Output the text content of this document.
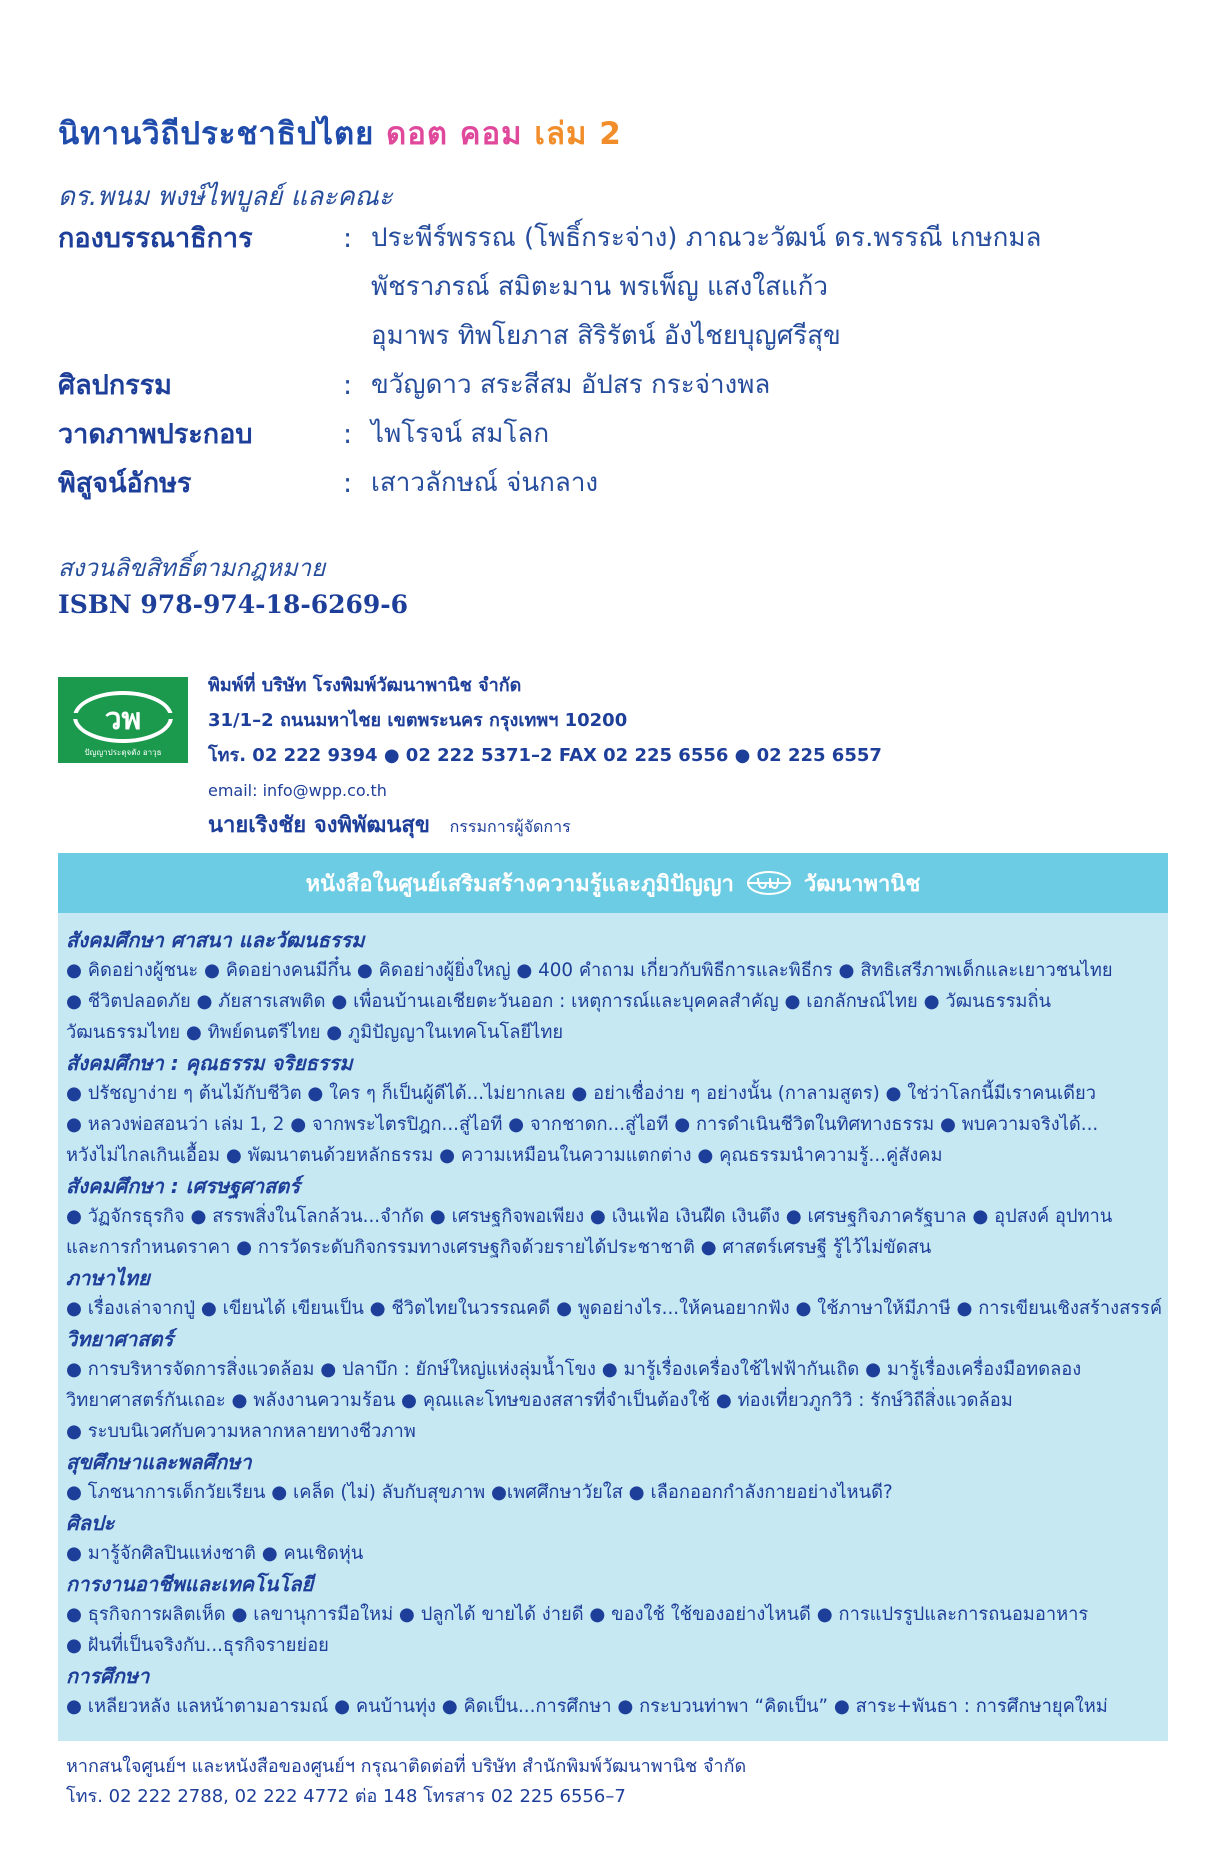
นิทานวิถีประชาธิปไตย ดอต คอม เล่ม 2
ดร.พนม พงษ์ไพบูลย์ และคณะ
กองบรรณาธิการ	: ประพีร์พรรณ (โพธิ์กระจ่าง) ภาณวะวัฒน์ ดร.พรรณี เกษกมล
พัชราภรณ์ สมิตะมาน พรเพ็ญ แสงใสแก้ว
อุมาพร ทิพโยภาส สิริรัตน์ อังไชยบุญศรีสุข
ศิลปกรรม	: ขวัญดาว สระสีสม อัปสร กระจ่างพล
วาดภาพประกอบ	: ไพโรจน์ สมโลก
พิสูจน์อักษร	: เสาวลักษณ์ จ่นกลาง
สงวนลิขสิทธิ์ตามกฎหมาย
ISBN 978-974-18-6269-6
วพ
ปัญญาประดุจดัง อาวุธ
พิมพ์ที่ บริษัท โรงพิมพ์วัฒนาพานิช จำกัด
31/1–2 ถนนมหาไชย เขตพระนคร กรุงเทพฯ 10200
โทร. 02 222 9394 ● 02 222 5371–2 FAX 02 225 6556 ● 02 225 6557
email: info@wpp.co.th
นายเริงชัย จงพิพัฒนสุข กรรมการผู้จัดการ
หนังสือในศูนย์เสริมสร้างความรู้และภูมิปัญญา	วัฒนาพานิช
สังคมศึกษา ศาสนา และวัฒนธรรม
● คิดอย่างผู้ชนะ ● คิดอย่างคนมีกึ๋น ● คิดอย่างผู้ยิ่งใหญ่ ● 400 คำถาม เกี่ยวกับพิธีการและพิธีกร ● สิทธิเสรีภาพเด็กและเยาวชนไทย
● ชีวิตปลอดภัย ● ภัยสารเสพติด ● เพื่อนบ้านเอเชียตะวันออก : เหตุการณ์และบุคคลสำคัญ ● เอกลักษณ์ไทย ● วัฒนธรรมถิ่น
วัฒนธรรมไทย ● ทิพย์ดนตรีไทย ● ภูมิปัญญาในเทคโนโลยีไทย
สังคมศึกษา : คุณธรรม จริยธรรม
● ปรัชญาง่าย ๆ ต้นไม้กับชีวิต ● ใคร ๆ ก็เป็นผู้ดีได้...ไม่ยากเลย ● อย่าเชื่อง่าย ๆ อย่างนั้น (กาลามสูตร) ● ใช่ว่าโลกนี้มีเราคนเดียว
● หลวงพ่อสอนว่า เล่ม 1, 2 ● จากพระไตรปิฎก...สู่ไอที ● จากชาดก...สู่ไอที ● การดำเนินชีวิตในทิศทางธรรม ● พบความจริงได้...
หวังไม่ไกลเกินเอื้อม ● พัฒนาตนด้วยหลักธรรม ● ความเหมือนในความแตกต่าง ● คุณธรรมนำความรู้...คู่สังคม
สังคมศึกษา : เศรษฐศาสตร์
● วัฏจักรธุรกิจ ● สรรพสิ่งในโลกล้วน...จำกัด ● เศรษฐกิจพอเพียง ● เงินเฟ้อ เงินฝืด เงินตึง ● เศรษฐกิจภาครัฐบาล ● อุปสงค์ อุปทาน
และการกำหนดราคา ● การวัดระดับกิจกรรมทางเศรษฐกิจด้วยรายได้ประชาชาติ ● ศาสตร์เศรษฐี รู้ไว้ไม่ขัดสน
ภาษาไทย
● เรื่องเล่าจากปู่ ● เขียนได้ เขียนเป็น ● ชีวิตไทยในวรรณคดี ● พูดอย่างไร...ให้คนอยากฟัง ● ใช้ภาษาให้มีภาษี ● การเขียนเชิงสร้างสรรค์
วิทยาศาสตร์
● การบริหารจัดการสิ่งแวดล้อม ● ปลาบึก : ยักษ์ใหญ่แห่งลุ่มน้ำโขง ● มารู้เรื่องเครื่องใช้ไฟฟ้ากันเถิด ● มารู้เรื่องเครื่องมือทดลอง
วิทยาศาสตร์กันเถอะ ● พลังงานความร้อน ● คุณและโทษของสสารที่จำเป็นต้องใช้ ● ท่องเที่ยวภูกวิวิ : รักษ์วิถีสิ่งแวดล้อม
● ระบบนิเวศกับความหลากหลายทางชีวภาพ
สุขศึกษาและพลศึกษา
● โภชนาการเด็กวัยเรียน ● เคล็ด (ไม่) ลับกับสุขภาพ ●เพศศึกษาวัยใส ● เลือกออกกำลังกายอย่างไหนดี?
ศิลปะ
● มารู้จักศิลปินแห่งชาติ ● คนเชิดหุ่น
การงานอาชีพและเทคโนโลยี
● ธุรกิจการผลิตเห็ด ● เลขานุการมือใหม่ ● ปลูกได้ ขายได้ ง่ายดี ● ของใช้ ใช้ของอย่างไหนดี ● การแปรรูปและการถนอมอาหาร
● ฝันที่เป็นจริงกับ...ธุรกิจรายย่อย
การศึกษา
● เหลียวหลัง แลหน้าตามอารมณ์ ● คนบ้านทุ่ง ● คิดเป็น...การศึกษา ● กระบวนท่าพา “คิดเป็น” ● สาระ+พันธา : การศึกษายุคใหม่
หากสนใจศูนย์ฯ และหนังสือของศูนย์ฯ กรุณาติดต่อที่ บริษัท สำนักพิมพ์วัฒนาพานิช จำกัด
โทร. 02 222 2788, 02 222 4772 ต่อ 148 โทรสาร 02 225 6556–7
